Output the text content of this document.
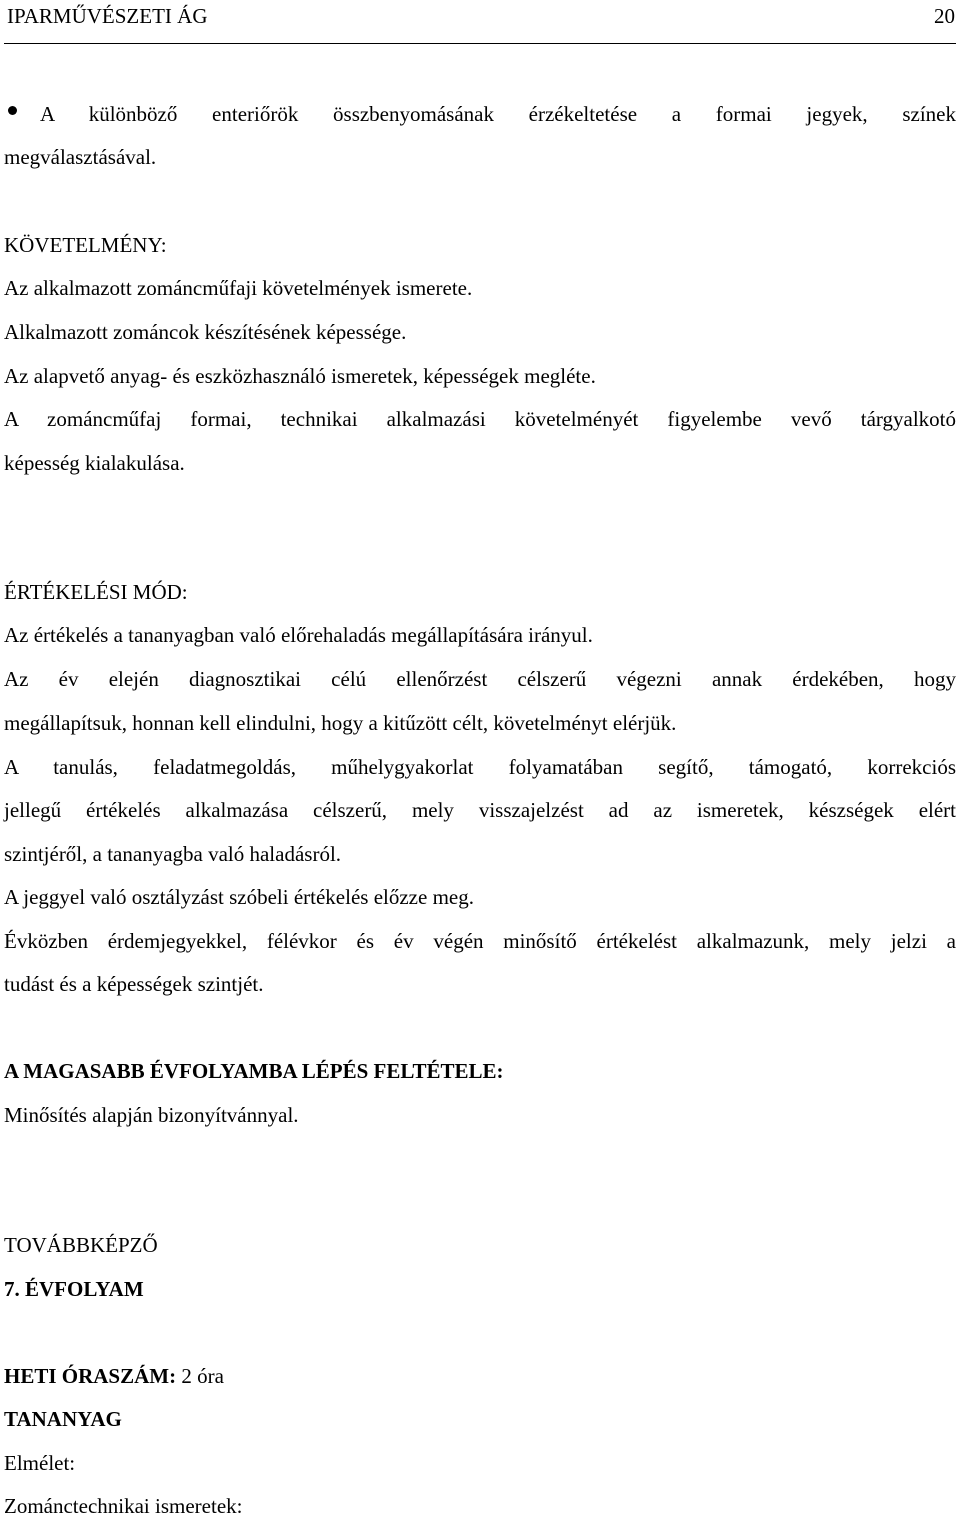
IPARMŰVÉSZETI ÁG	20
A különböző enteriőrök összbenyomásának érzékeltetése a formai jegyek, színek
megválasztásával.
KÖVETELMÉNY:
Az alkalmazott zománcműfaji követelmények ismerete.
Alkalmazott zománcok készítésének képessége.
Az alapvető anyag- és eszközhasználó ismeretek, képességek megléte.
A zománcműfaj formai, technikai alkalmazási követelményét figyelembe vevő tárgyalkotó
képesség kialakulása.
ÉRTÉKELÉSI MÓD:
Az értékelés a tananyagban való előrehaladás megállapítására irányul.
Az év elején diagnosztikai célú ellenőrzést célszerű végezni annak érdekében, hogy
megállapítsuk, honnan kell elindulni, hogy a kitűzött célt, követelményt elérjük.
A tanulás, feladatmegoldás, műhelygyakorlat folyamatában segítő, támogató, korrekciós
jellegű értékelés alkalmazása célszerű, mely visszajelzést ad az ismeretek, készségek elért
szintjéről, a tananyagba való haladásról.
A jeggyel való osztályzást szóbeli értékelés előzze meg.
Évközben érdemjegyekkel, félévkor és év végén minősítő értékelést alkalmazunk, mely jelzi a
tudást és a képességek szintjét.
A MAGASABB ÉVFOLYAMBA LÉPÉS FELTÉTELE:
Minősítés alapján bizonyítvánnyal.
TOVÁBBKÉPZŐ
7. ÉVFOLYAM
HETI ÓRASZÁM: 2 óra
TANANYAG
Elmélet:
Zománctechnikai ismeretek:
